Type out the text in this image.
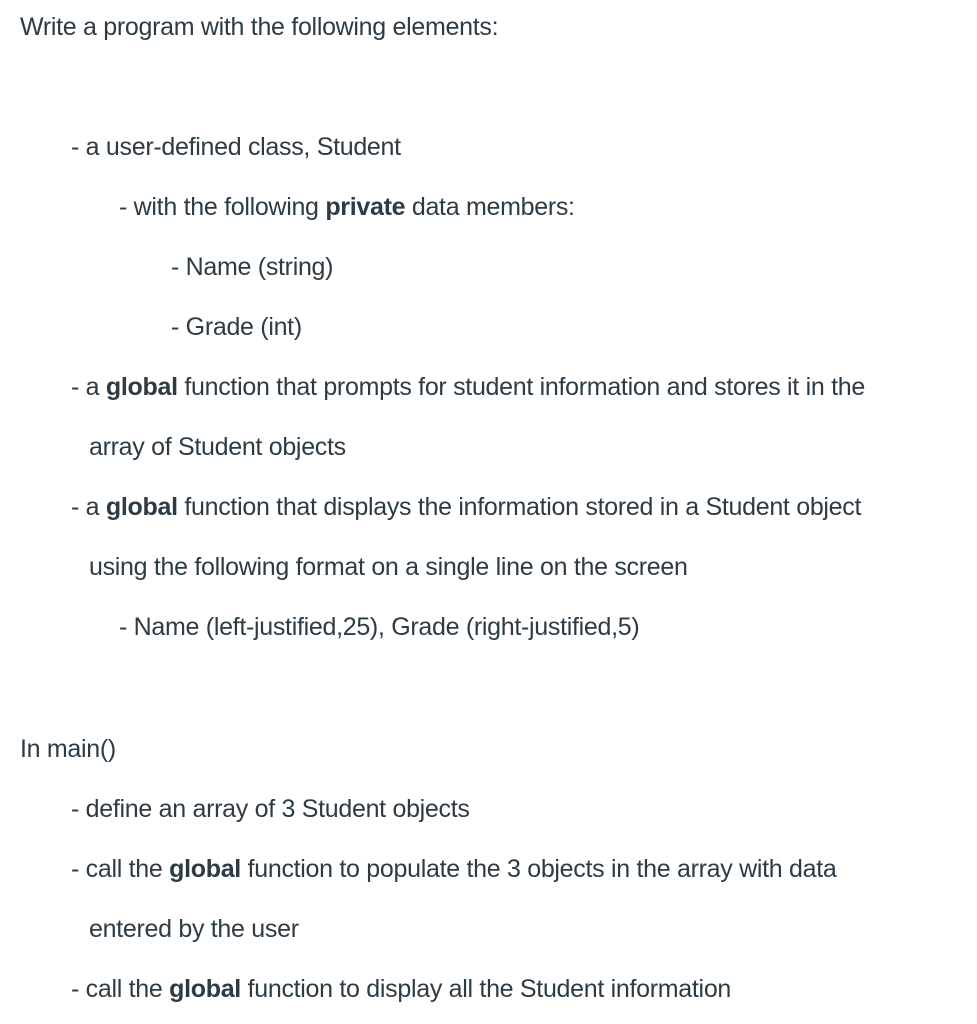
Write a program with the following elements:
- a user-defined class, Student
- with the following private data members:
- Name (string)
- Grade (int)
- a global function that prompts for student information and stores it in the
array of Student objects
- a global function that displays the information stored in a Student object
using the following format on a single line on the screen
- Name (left-justified,25), Grade (right-justified,5)
In main()
- define an array of 3 Student objects
- call the global function to populate the 3 objects in the array with data
entered by the user
- call the global function to display all the Student information
